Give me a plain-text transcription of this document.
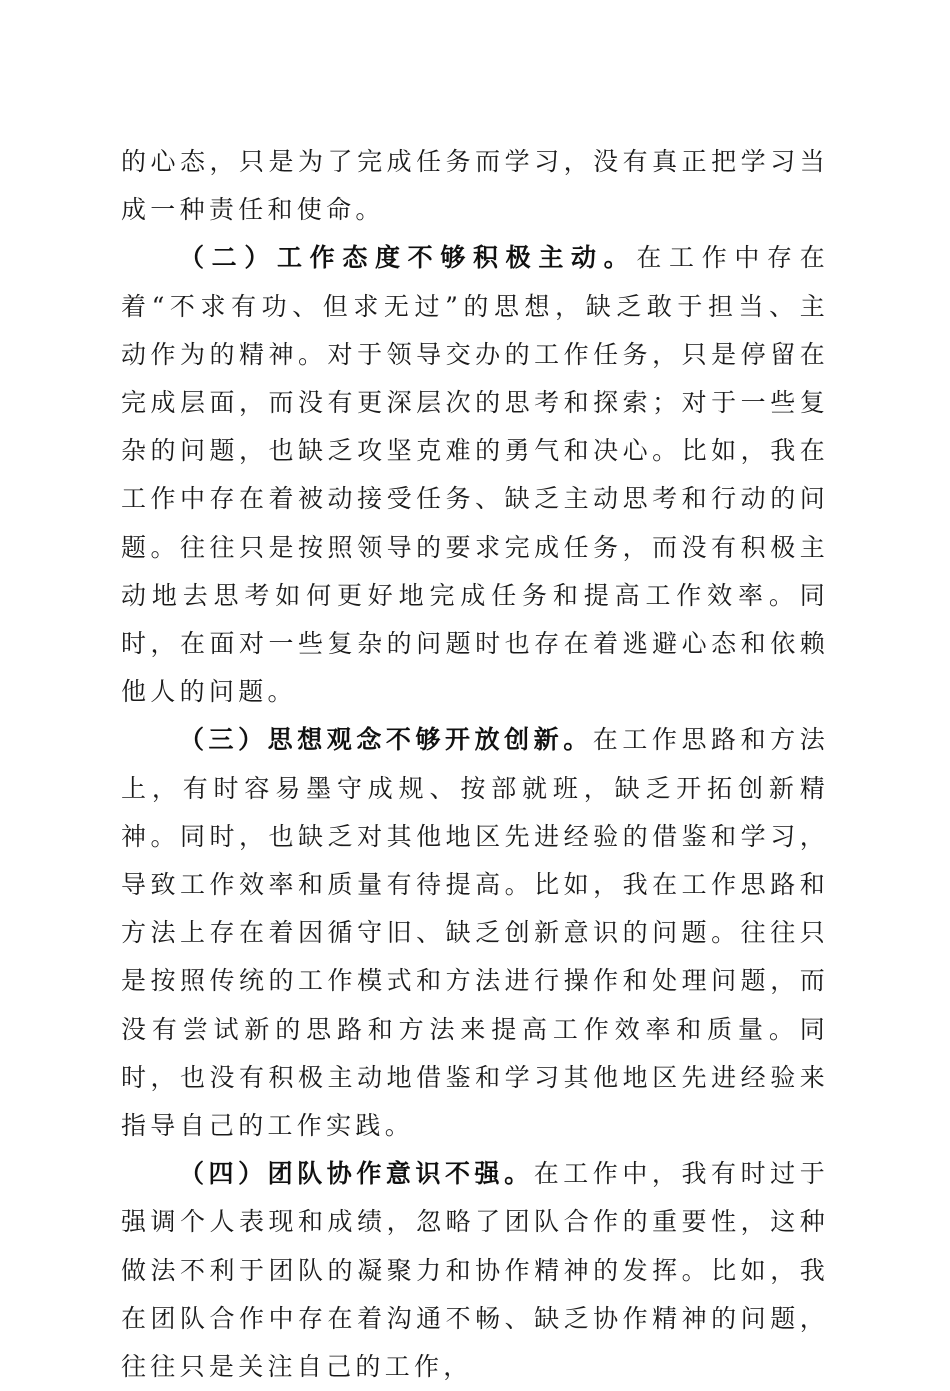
的心态，只是为了完成任务而学习，没有真正把学习当成一种责任和使命。

（二）工作态度不够积极主动。在工作中存在着“不求有功、但求无过”的思想，缺乏敢于担当、主动作为的精神。对于领导交办的工作任务，只是停留在完成层面，而没有更深层次的思考和探索；对于一些复杂的问题，也缺乏攻坚克难的勇气和决心。比如，我在工作中存在着被动接受任务、缺乏主动思考和行动的问题。往往只是按照领导的要求完成任务，而没有积极主动地去思考如何更好地完成任务和提高工作效率。同时，在面对一些复杂的问题时也存在着逃避心态和依赖他人的问题。

（三）思想观念不够开放创新。在工作思路和方法上，有时容易墨守成规、按部就班，缺乏开拓创新精神。同时，也缺乏对其他地区先进经验的借鉴和学习，导致工作效率和质量有待提高。比如，我在工作思路和方法上存在着因循守旧、缺乏创新意识的问题。往往只是按照传统的工作模式和方法进行操作和处理问题，而没有尝试新的思路和方法来提高工作效率和质量。同时，也没有积极主动地借鉴和学习其他地区先进经验来指导自己的工作实践。

（四）团队协作意识不强。在工作中，我有时过于强调个人表现和成绩，忽略了团队合作的重要性，这种做法不利于团队的凝聚力和协作精神的发挥。比如，我在团队合作中存在着沟通不畅、缺乏协作精神的问题，往往只是关注自己的工作，
